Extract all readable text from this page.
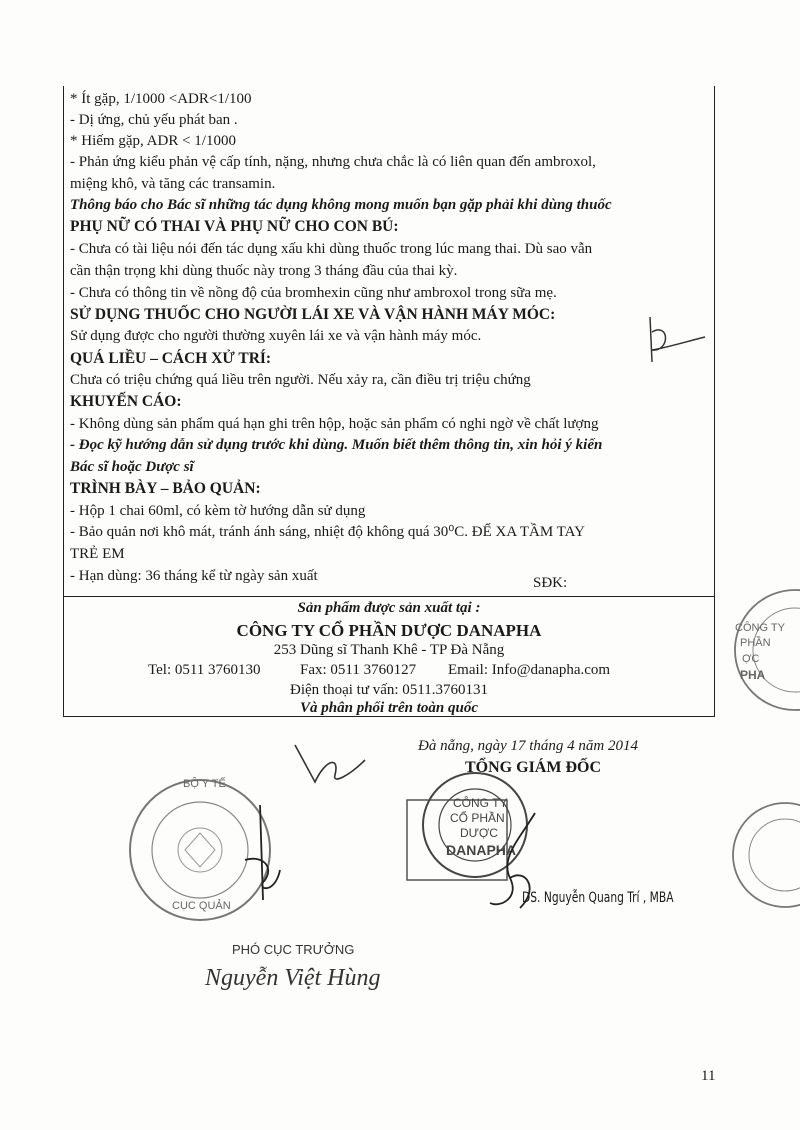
* Ít gặp, 1/1000 <ADR<1/100
- Dị ứng, chủ yếu phát ban .
* Hiếm gặp, ADR < 1/1000
- Phản ứng kiểu phản vệ cấp tính, nặng, nhưng chưa chắc là có liên quan đến ambroxol,
miệng khô, và tăng các transamin.
Thông báo cho Bác sĩ những tác dụng không mong muốn bạn gặp phải khi dùng thuốc
PHỤ NỮ CÓ THAI VÀ PHỤ NỮ CHO CON BÚ:
- Chưa có tài liệu nói đến tác dụng xấu khi dùng thuốc trong lúc mang thai. Dù sao vẫn
cần thận trọng khi dùng thuốc này trong 3 tháng đầu của thai kỳ.
- Chưa có thông tin về nồng độ của bromhexin cũng như ambroxol trong sữa mẹ.
SỬ DỤNG THUỐC CHO NGƯỜI LÁI XE VÀ VẬN HÀNH MÁY MÓC:
Sử dụng được cho người thường xuyên lái xe và vận hành máy móc.
QUÁ LIỀU – CÁCH XỬ TRÍ:
Chưa có triệu chứng quá liều trên người. Nếu xảy ra, cần điều trị triệu chứng
KHUYẾN CÁO:
- Không dùng sản phẩm quá hạn ghi trên hộp, hoặc sản phẩm có nghi ngờ về chất lượng
- Đọc kỹ hướng dẫn sử dụng trước khi dùng. Muốn biết thêm thông tin, xin hỏi ý kiến
Bác sĩ hoặc Dược sĩ
TRÌNH BÀY – BẢO QUẢN:
- Hộp 1 chai 60ml, có kèm tờ hướng dẫn sử dụng
- Bảo quản nơi khô mát, tránh ánh sáng, nhiệt độ không quá 30⁰C. ĐỂ XA TẦM TAY
TRẺ EM
- Hạn dùng: 36 tháng kể từ ngày sản xuất	SĐK:
Sản phẩm được sản xuất tại :
CÔNG TY CỔ PHẦN DƯỢC DANAPHA
253 Dũng sĩ Thanh Khê - TP Đà Nẵng
Tel: 0511 3760130	Fax: 0511 3760127 Email: Info@danapha.com
Điện thoại tư vấn: 0511.3760131
Và phân phối trên toàn quốc
Đà nẵng, ngày 17 tháng 4 năm 2014
TỔNG GIÁM ĐỐC
DS. Nguyễn Quang Trí , MBA
PHÓ CỤC TRƯỞNG
Nguyễn Việt Hùng
CÔNG TY
CỔ PHẦN
DƯỢC
DANAPHA
BỘ Y TẾ
CỤC QUẢN
CÔNG TY
PHẦN
ỢC
PHA
11
